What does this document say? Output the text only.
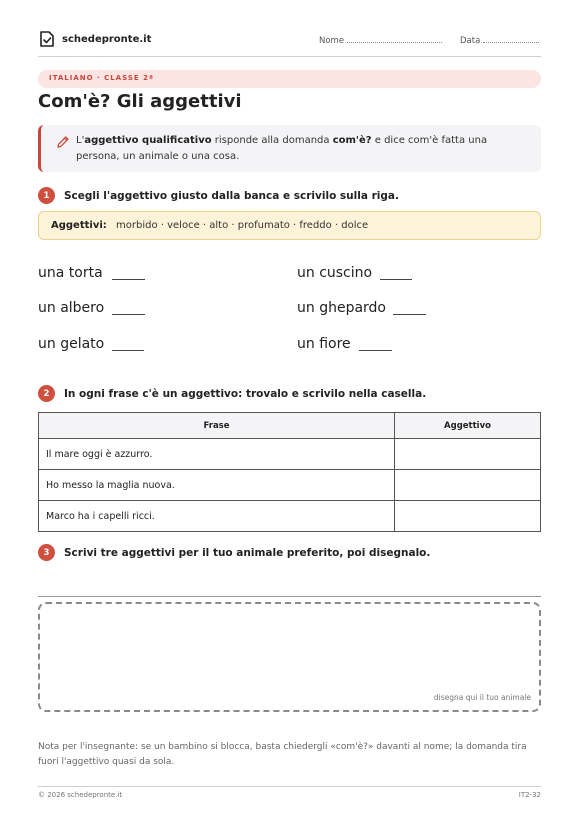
schedepronte.it	Nome	Data
ITALIANO · CLASSE 2ª
Com'è? Gli aggettivi
L'aggettivo qualificativo risponde alla domanda com'è? e dice com'è fatta una persona, un animale o una cosa.
1	Scegli l'aggettivo giusto dalla banca e scrivilo sulla riga.
Aggettivi: morbido · veloce · alto · profumato · freddo · dolce
una torta	un cuscino
un albero	un ghepardo
un gelato	un fiore
2	In ogni frase c'è un aggettivo: trovalo e scrivilo nella casella.
Frase	Aggettivo
Il mare oggi è azzurro.	
Ho messo la maglia nuova.	
Marco ha i capelli ricci.	
3	Scrivi tre aggettivi per il tuo animale preferito, poi disegnalo.
disegna qui il tuo animale
Nota per l'insegnante: se un bambino si blocca, basta chiedergli «com'è?» davanti al nome; la domanda tira fuori l'aggettivo quasi da sola.
© 2026 schedepronte.it	IT2-32
